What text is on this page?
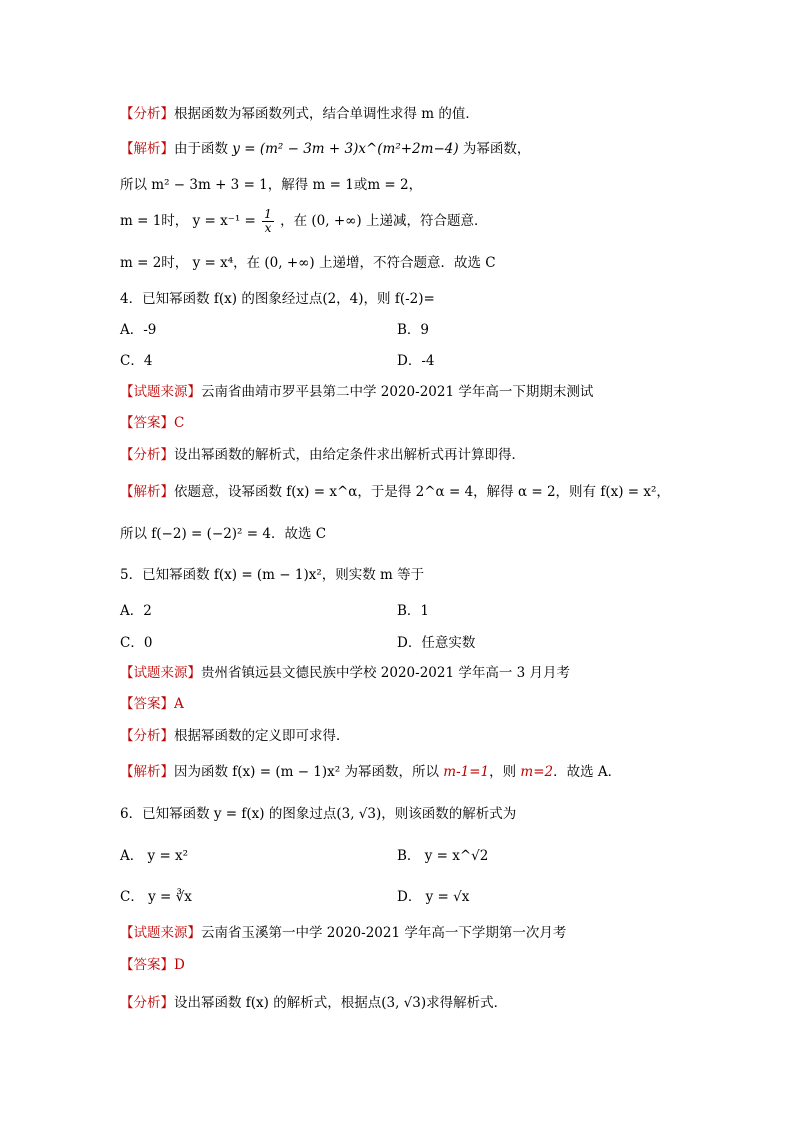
【分析】根据函数为幂函数列式，结合单调性求得 m 的值．
【解析】由于函数 y = (m² − 3m + 3)x^(m²+2m−4) 为幂函数，
所以 m² − 3m + 3 = 1，解得 m = 1或m = 2，
m = 1时， $y = x^{-1} = \frac{1}{x}$ ，在 (0, +∞) 上递减，符合题意．
m = 2时， y = x⁴，在 (0, +∞) 上递增，不符合题意．故选 C
4．已知幂函数 f(x) 的图象经过点(2，4)，则 f(-2)=
A．-9	B．9
C．4	D．-4
【试题来源】云南省曲靖市罗平县第二中学 2020-2021 学年高一下期期末测试
【答案】C
【分析】设出幂函数的解析式，由给定条件求出解析式再计算即得．
【解析】依题意，设幂函数 f(x) = x^α，于是得 2^α = 4，解得 α = 2，则有 f(x) = x²，
所以 f(−2) = (−2)² = 4．故选 C
5．已知幂函数 f(x) = (m − 1)x²，则实数 m 等于
A．2	B．1
C．0	D．任意实数
【试题来源】贵州省镇远县文德民族中学校 2020-2021 学年高一 3 月月考
【答案】A
【分析】根据幂函数的定义即可求得．
【解析】因为函数 f(x) = (m − 1)x² 为幂函数，所以 m-1=1，则 m=2．故选 A．
6．已知幂函数 y = f(x) 的图象过点(3, √3)，则该函数的解析式为
A． y = x²	B． y = x^√2
C． y = ∛x	D． y = √x
【试题来源】云南省玉溪第一中学 2020-2021 学年高一下学期第一次月考
【答案】D
【分析】设出幂函数 f(x) 的解析式，根据点(3, √3)求得解析式．
